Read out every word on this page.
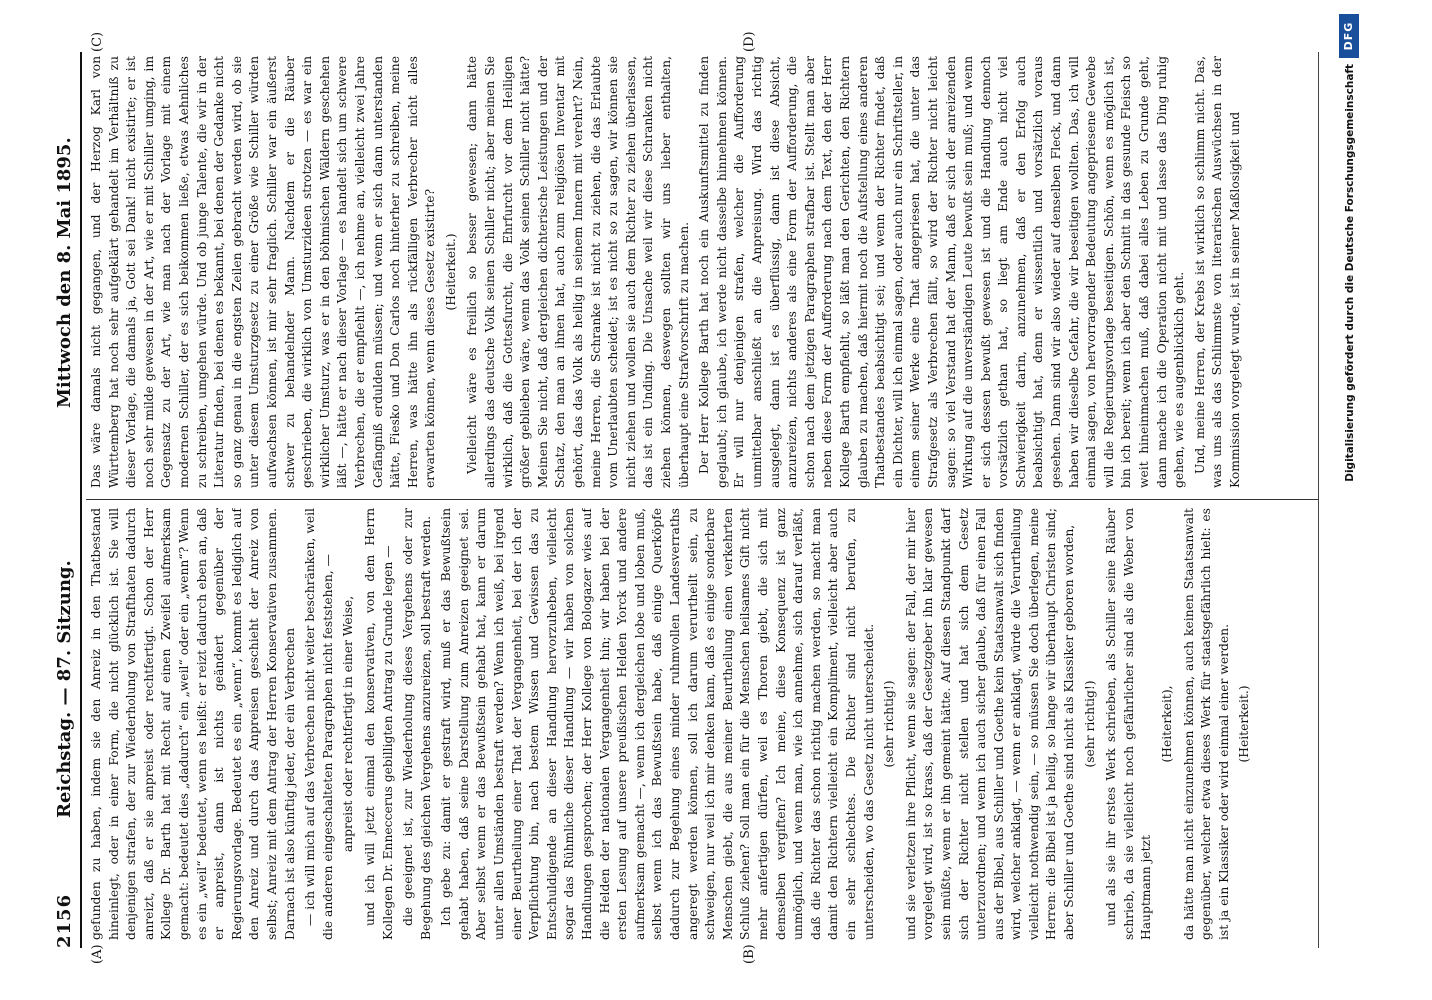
2156
Reichstag. — 87. Sitzung.
Mittwoch den 8. Mai 1895.
(A)	(B)
(C)	(D)

gefunden zu haben, indem sie den Anreiz in den Thatbestand hineinlegt, oder in einer Form, die nicht glücklich ist. Sie will denjenigen strafen, der zur Wiederholung von Strafthaten dadurch anreizt, daß er sie anpreist oder rechtfertigt. Schon der Herr Kollege Dr. Barth hat mit Recht auf einen Zweifel aufmerksam gemacht: bedeutet dies „dadurch“ ein „weil“ oder ein „wenn“? Wenn es ein „weil“ bedeutet, wenn es heißt: er reizt dadurch eben an, daß er anpreist, dann ist nichts geändert gegenüber der Regierungsvorlage. Bedeutet es ein „wenn“, kommt es lediglich auf den Anreiz und durch das Anpreisen geschieht der Anreiz von selbst; Anreiz mit dem Antrag der Herren Konservativen zusammen. Darnach ist also künftig jeder, der ein Verbrechen — ich will mich auf das Verbrechen nicht weiter beschränken, weil die anderen eingeschalteten Paragraphen nicht feststehen, — anpreist oder rechtfertigt in einer Weise, und ich will jetzt einmal den konservativen, von dem Herrn Kollegen Dr. Enneccerus gebilligten Antrag zu Grunde legen — die geeignet ist, zur Wiederholung dieses Vergehens oder zur Begehung des gleichen Vergehens anzureizen, soll bestraft werden. Ich gebe zu: damit er gestraft wird, muß er das Bewußtsein gehabt haben, daß seine Darstellung zum Anreizen geeignet sei. Aber selbst wenn er das Bewußtsein gehabt hat, kann er darum unter allen Umständen bestraft werden? Wenn ich weiß, bei irgend einer Beurtheilung einer That der Vergangenheit, bei der ich der Verpflichtung bin, nach bestem Wissen und Gewissen das zu Entschuldigende an dieser Handlung hervorzuheben, vielleicht sogar das Rühmliche dieser Handlung — wir haben von solchen Handlungen gesprochen; der Herr Kollege von Bologazer wies auf die Helden der nationalen Vergangenheit hin; wir haben bei der ersten Lesung auf unsere preußischen Helden Yorck und andere aufmerksam gemacht —, wenn ich dergleichen lobe und loben muß, selbst wenn ich das Bewußtsein habe, daß einige Querköpfe dadurch zur Begehung eines minder ruhmvollen Landesverraths angeregt werden können, soll ich darum verurtheilt sein, zu schweigen, nur weil ich mir denken kann, daß es einige sonderbare Menschen giebt, die aus meiner Beurtheilung einen verkehrten Schluß ziehen? Soll man ein für die Menschen heilsames Gift nicht mehr anfertigen dürfen, weil es Thoren giebt, die sich mit demselben vergiften? Ich meine, diese Konsequenz ist ganz unmöglich, und wenn man, wie ich annehme, sich darauf verläßt, daß die Richter das schon richtig machen werden, so macht man damit den Richtern vielleicht ein Kompliment, vielleicht aber auch ein sehr schlechtes. Die Richter sind nicht berufen, zu unterscheiden, wo das Gesetz nicht unterscheidet. (sehr richtig!) und sie verletzen ihre Pflicht, wenn sie sagen: der Fall, der mir hier vorgelegt wird, ist so krass, daß der Gesetzgeber ihn klar gewesen sein müßte, wenn er ihn gemeint hätte. Auf diesen Standpunkt darf sich der Richter nicht stellen und hat sich dem Gesetz unterzuordnen; und wenn ich auch sicher glaube, daß für einen Fall aus der Bibel, aus Schiller und Goethe kein Staatsanwalt sich finden wird, welcher anklagt, — wenn er anklagt, würde die Verurtheilung vielleicht nothwendig sein, — so müssen Sie doch überlegen, meine Herren: die Bibel ist ja heilig, so lange wir überhaupt Christen sind; aber Schiller und Goethe sind nicht als Klassiker geboren worden, (sehr richtig!) und als sie ihr erstes Werk schrieben, als Schiller seine Räuber schrieb, da sie vielleicht noch gefährlicher sind als die Weber von Hauptmann jetzt

(Heiterkeit), da hätte man nicht einzunehmen können, auch keinen Staatsanwalt gegenüber, welcher etwa dieses Werk für staatsgefährlich hielt: es ist ja ein Klassiker oder wird einmal einer werden. (Heiterkeit.)

Das wäre damals nicht gegangen, und der Herzog Karl von Württemberg hat noch sehr aufgeklärt gehandelt im Verhältniß zu dieser Vorlage, die damals ja, Gott sei Dank! nicht existirte; er ist noch sehr milde gewesen in der Art, wie er mit Schiller umging, im Gegensatz zu der Art, wie man nach der Vorlage mit einem modernen Schiller, der es sich beikommen ließe, etwas Aehnliches zu schreiben, umgehen würde. Und ob junge Talente, die wir in der Literatur finden, bei denen es bekannt, bei denen der Gedanke nicht so ganz genau in die engsten Zeilen gebracht werden wird, ob sie unter diesem Umsturzgesetz zu einer Größe wie Schiller würden aufwachsen können, ist mir sehr fraglich. Schiller war ein äußerst schwer zu behandelnder Mann. Nachdem er die Räuber geschrieben, die wirklich von Umsturzideen strotzen — es war ein wirklicher Umsturz, was er in den böhmischen Wäldern geschehen läßt —, hätte er nach dieser Vorlage — es handelt sich um schwere Verbrechen, die er empfiehlt —, ich nehme an, vielleicht zwei Jahre Gefängniß erdulden müssen; und wenn er sich dann unterstanden hätte, Fiesko und Don Carlos noch hinterher zu schreiben, meine Herren, was hätte ihn als rückfälligen Verbrecher nicht alles erwarten können, wenn dieses Gesetz existirte? (Heiterkeit.) Vielleicht wäre es freilich so besser gewesen; dann hätte allerdings das deutsche Volk seinen Schiller nicht; aber meinen Sie wirklich, daß die Gottesfurcht, die Ehrfurcht vor dem Heiligen größer geblieben wäre, wenn das Volk seinen Schiller nicht hätte? Meinen Sie nicht, daß dergleichen dichterische Leistungen und der Schatz, den man an ihnen hat, auch zum religiösen Inventar mit gehört, das das Volk als heilig in seinem Innern mit verehrt? Nein, meine Herren, die Schranke ist nicht zu ziehen, die das Erlaubte vom Unerlaubten scheidet; ist es nicht so zu sagen, wir können sie nicht ziehen und wollen sie auch dem Richter zu ziehen überlassen, das ist ein Unding. Die Unsache weil wir diese Schranken nicht ziehen können, deswegen sollten wir uns lieber enthalten, überhaupt eine Strafvorschrift zu machen. Der Herr Kollege Barth hat noch ein Auskunftsmittel zu finden geglaubt; ich glaube, ich werde nicht dasselbe hinnehmen können. Er will nur denjenigen strafen, welcher die Aufforderung unmittelbar anschließt an die Anpreisung. Wird das richtig ausgelegt, dann ist es überflüssig, dann ist diese Absicht, anzureizen, nichts anderes als eine Form der Aufforderung, die schon nach dem jetzigen Paragraphen strafbar ist. Stellt man aber neben diese Form der Aufforderung nach dem Text, den der Herr Kollege Barth empfiehlt, so läßt man den Gerichten, den Richtern glauben zu machen, daß hiermit noch die Aufstellung eines anderen Thatbestandes beabsichtigt sei; und wenn der Richter findet, daß ein Dichter, will ich einmal sagen, oder auch nur ein Schriftsteller, in einem seiner Werke eine That angepriesen hat, die unter das Strafgesetz als Verbrechen fällt, so wird der Richter nicht leicht sagen: so viel Verstand hat der Mann, daß er sich der anreizenden Wirkung auf die unverständigen Leute bewußt sein muß; und wenn er sich dessen bewußt gewesen ist und die Handlung dennoch vorsätzlich gethan hat, so liegt am Ende auch nicht viel Schwierigkeit darin, anzunehmen, daß er den Erfolg auch beabsichtigt hat, denn er wissentlich und vorsätzlich voraus gesehen. Dann sind wir also wieder auf denselben Fleck, und dann haben wir dieselbe Gefahr, die wir beseitigen wollten. Das, ich will einmal sagen, von hervorragender Bedeutung angepriesene Gewebe will die Regierungsvorlage beseitigen. Schön, wenn es möglich ist, bin ich bereit; wenn ich aber den Schnitt in das gesunde Fleisch so weit hineinmachen muß, daß dabei alles Leben zu Grunde geht, dann mache ich die Operation nicht mit und lasse das Ding ruhig gehen, wie es augenblicklich geht. Und, meine Herren, der Krebs ist wirklich so schlimm nicht. Das, was uns als das Schlimmste von literarischen Auswüchsen in der Kommission vorgelegt wurde, ist in seiner Maßlosigkeit und	Digitalisierung gefördert durch die Deutsche Forschungsgemeinschaft
DFG
